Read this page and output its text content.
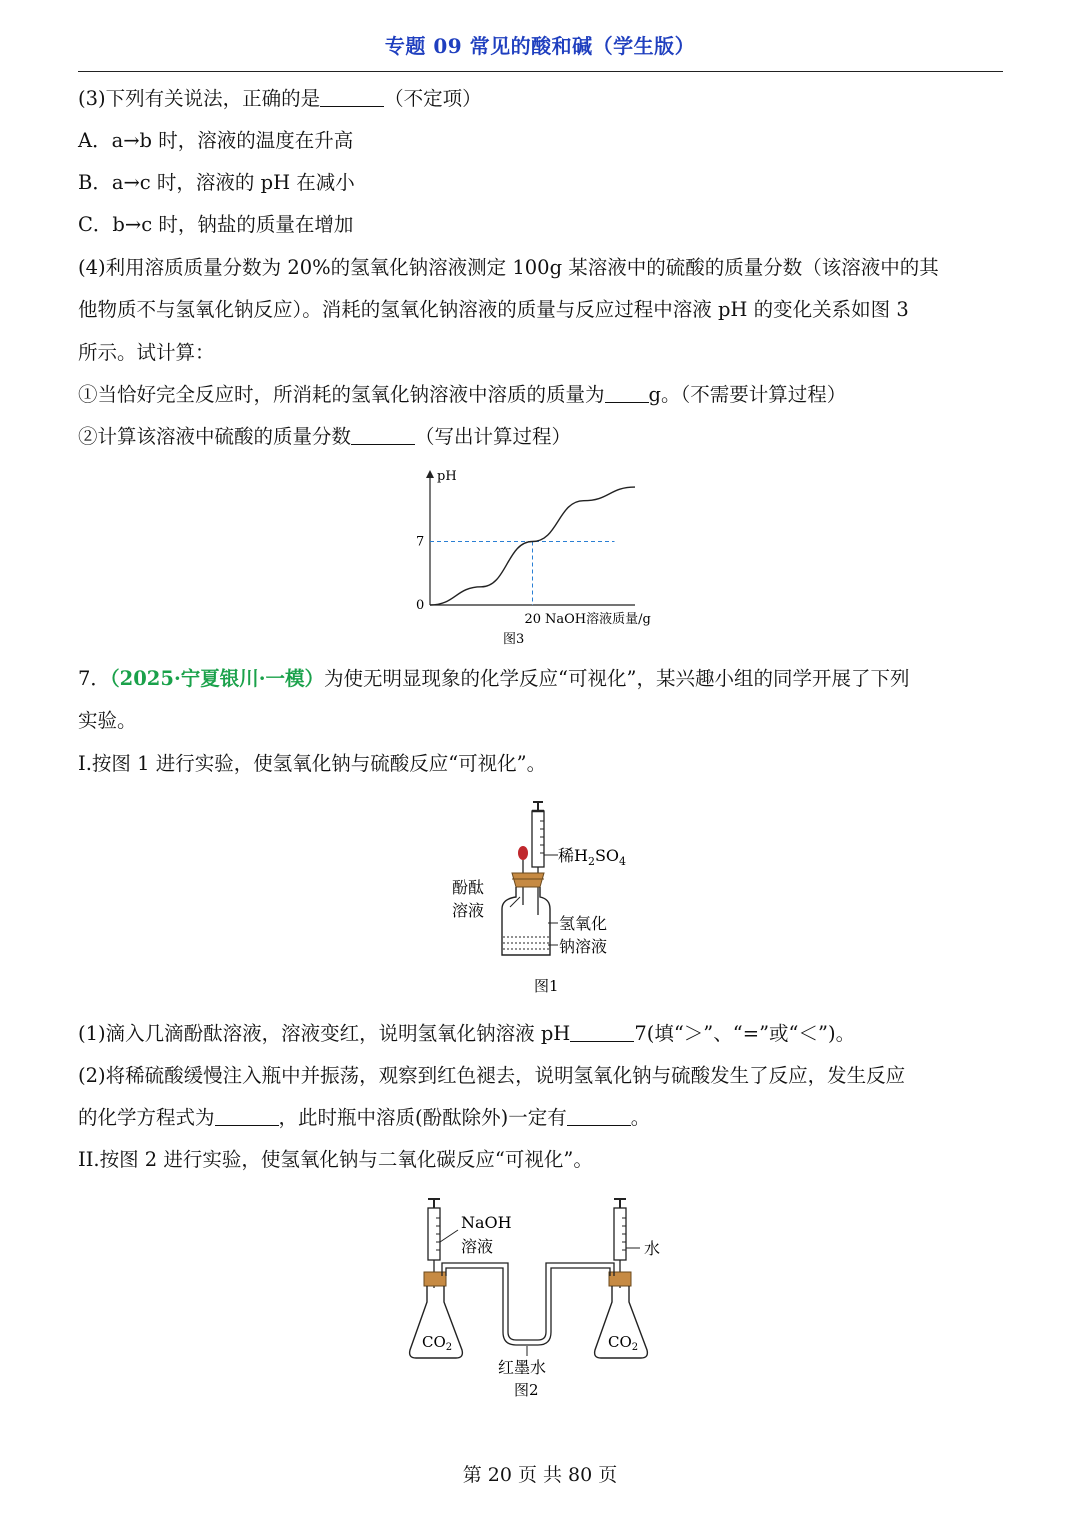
专题 09 常见的酸和碱（学生版）
(3)下列有关说法，正确的是	（不定项）
A．a→b 时，溶液的温度在升高
B．a→c 时，溶液的 pH 在减小
C．b→c 时，钠盐的质量在增加
(4)利用溶质质量分数为 20%的氢氧化钠溶液测定 100g 某溶液中的硫酸的质量分数（该溶液中的其
他物质不与氢氧化钠反应）。消耗的氢氧化钠溶液的质量与反应过程中溶液 pH 的变化关系如图 3
所示。试计算：
①当恰好完全反应时，所消耗的氢氧化钠溶液中溶质的质量为 g。（不需要计算过程）
②计算该溶液中硫酸的质量分数	（写出计算过程）
0
7
20
pH
NaOH溶液质量/g
图3
7．（2025·宁夏银川·一模）为使无明显现象的化学反应“可视化”，某兴趣小组的同学开展了下列
实验。
I.按图 1 进行实验，使氢氧化钠与硫酸反应“可视化”。
稀$H_2SO_4$
酚酞
溶液
氢氧化
钠溶液
图1
(1)滴入几滴酚酞溶液，溶液变红，说明氢氧化钠溶液 pH	7(填“＞”、“=”或“＜”)。
(2)将稀硫酸缓慢注入瓶中并振荡，观察到红色褪去，说明氢氧化钠与硫酸发生了反应，发生反应
的化学方程式为	，此时瓶中溶质(酚酞除外)一定有	。
II.按图 2 进行实验，使氢氧化钠与二氧化碳反应“可视化”。
NaOH
溶液	水
$CO_2$	$CO_2$
红墨水
图2
第 20 页 共 80 页
